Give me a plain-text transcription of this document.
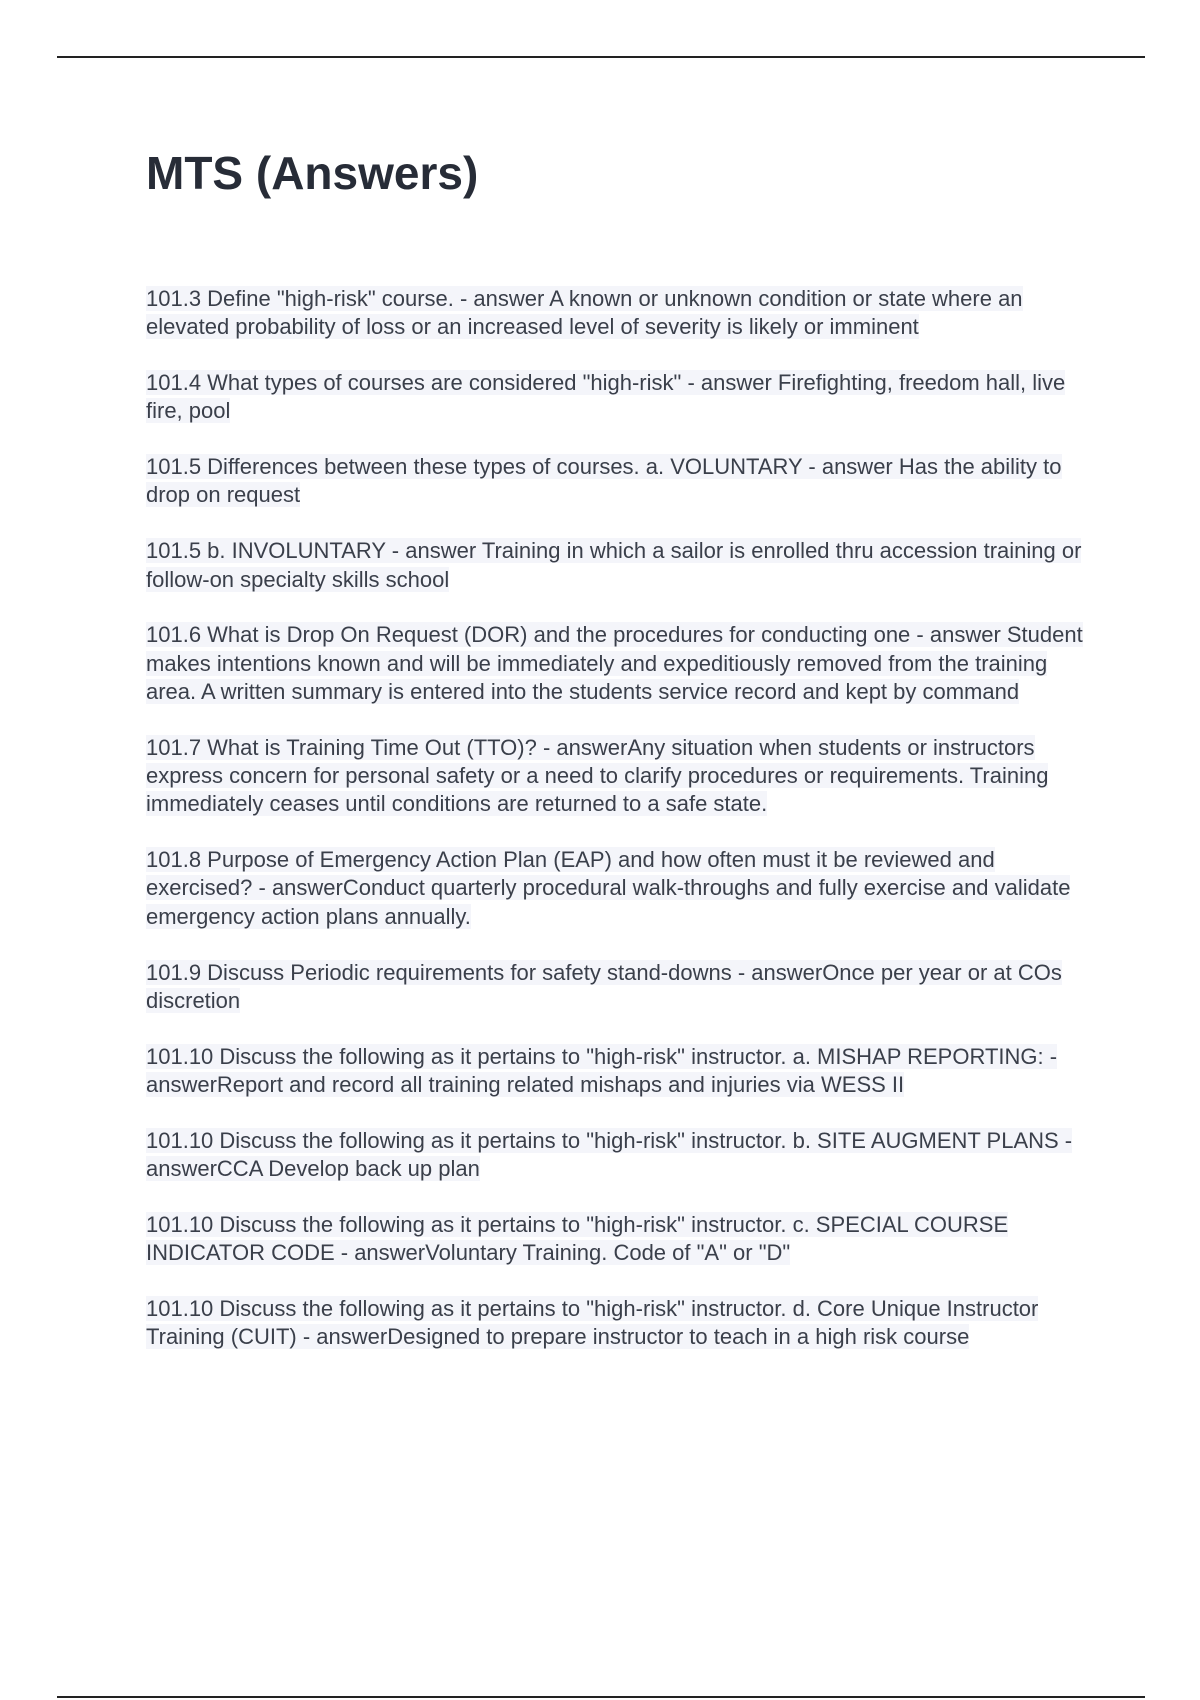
MTS (Answers)

101.3 Define "high-risk" course. - answer A known or unknown condition or state where an elevated probability of loss or an increased level of severity is likely or imminent

101.4 What types of courses are considered "high-risk" - answer Firefighting, freedom hall, live fire, pool

101.5 Differences between these types of courses. a. VOLUNTARY - answer Has the ability to drop on request

101.5 b. INVOLUNTARY - answer Training in which a sailor is enrolled thru accession training or follow-on specialty skills school

101.6 What is Drop On Request (DOR) and the procedures for conducting one - answer Student makes intentions known and will be immediately and expeditiously removed from the training area. A written summary is entered into the students service record and kept by command

101.7 What is Training Time Out (TTO)? - answerAny situation when students or instructors express concern for personal safety or a need to clarify procedures or requirements. Training immediately ceases until conditions are returned to a safe state.

101.8 Purpose of Emergency Action Plan (EAP) and how often must it be reviewed and exercised? - answerConduct quarterly procedural walk-throughs and fully exercise and validate emergency action plans annually.

101.9 Discuss Periodic requirements for safety stand-downs - answerOnce per year or at COs discretion

101.10 Discuss the following as it pertains to "high-risk" instructor. a. MISHAP REPORTING: - answerReport and record all training related mishaps and injuries via WESS II

101.10 Discuss the following as it pertains to "high-risk" instructor. b. SITE AUGMENT PLANS - answerCCA Develop back up plan

101.10 Discuss the following as it pertains to "high-risk" instructor. c. SPECIAL COURSE INDICATOR CODE - answerVoluntary Training. Code of "A" or "D"

101.10 Discuss the following as it pertains to "high-risk" instructor. d. Core Unique Instructor Training (CUIT) - answerDesigned to prepare instructor to teach in a high risk course
